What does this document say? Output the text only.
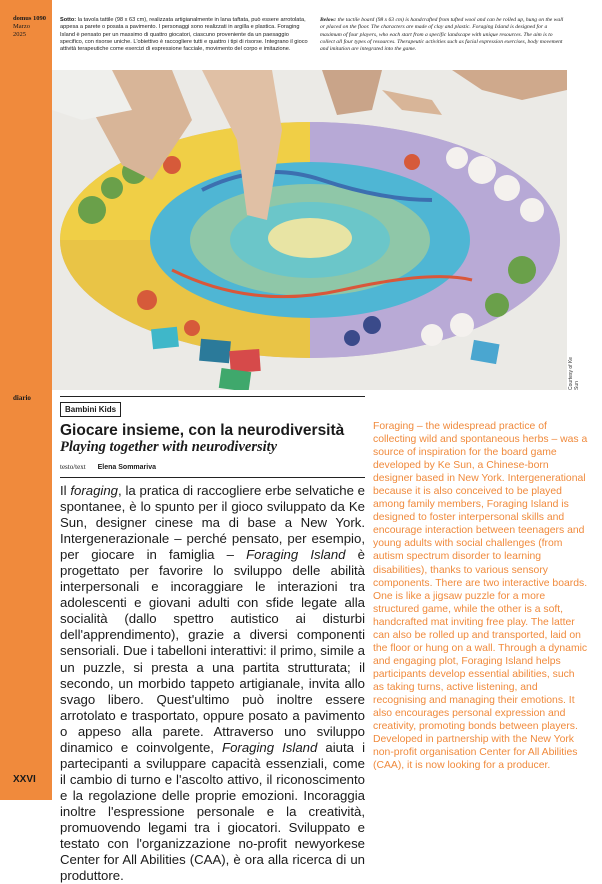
domus 1090
Marzo
2025
Sotto: la tavola tattile (98 x 63 cm), realizzata artigianalmente in lana taftata, può essere arrotolata, appesa a parete o posata a pavimento. I personaggi sono realizzati in argilla e plastica. Foraging Island è pensato per un massimo di quattro giocatori, ciascuno proveniente da un paesaggio specifico, con risorse uniche. L'obiettivo è raccogliere tutti e quattro i tipi di risorse. Integrano il gioco attività terapeutiche come esercizi di espressione facciale, movimento del corpo e imitazione.
Below: the tactile board (98 x 63 cm) is handcrafted from tufted wool and can be rolled up, hung on the wall or placed on the floor. The characters are made of clay and plastic. Foraging Island is designed for a maximum of four players, who each start from a specific landscape with unique resources. The aim is to collect all four types of resources. Therapeutic activities such as facial expression exercises, body movement and imitation are integrated into the game.
Courtesy of Ke Sun
diario
Bambini Kids
Giocare insieme, con la neurodiversità
Playing together with neurodiversity
testo/text Elena Sommariva
Il foraging, la pratica di raccogliere erbe selvatiche e spontanee, è lo spunto per il gioco sviluppato da Ke Sun, designer cinese ma di base a New York. Intergenerazionale – perché pensato, per esempio, per giocare in famiglia – Foraging Island è progettato per favorire lo sviluppo delle abilità interpersonali e incoraggiare le interazioni tra adolescenti e giovani adulti con sfide legate alla socialità (dallo spettro autistico ai disturbi dell'apprendimento), grazie a diversi componenti sensoriali. Due i tabelloni interattivi: il primo, simile a un puzzle, si presta a una partita strutturata; il secondo, un morbido tappeto artigianale, invita allo svago libero. Quest'ultimo può inoltre essere arrotolato e trasportato, oppure posato a pavimento o appeso alla parete. Attraverso uno sviluppo dinamico e coinvolgente, Foraging Island aiuta i partecipanti a sviluppare capacità essenziali, come il cambio di turno e l'ascolto attivo, il riconoscimento e la regolazione delle proprie emozioni. Incoraggia inoltre l'espressione personale e la creatività, promuovendo legami tra i giocatori. Sviluppato e testato con l'organizzazione no-profit newyorkese Center for All Abilities (CAA), è ora alla ricerca di un produttore.
Foraging – the widespread practice of collecting wild and spontaneous herbs – was a source of inspiration for the board game developed by Ke Sun, a Chinese-born designer based in New York. Intergenerational because it is also conceived to be played among family members, Foraging Island is designed to foster interpersonal skills and encourage interaction between teenagers and young adults with social challenges (from autism spectrum disorder to learning disabilities), thanks to various sensory components. There are two interactive boards. One is like a jigsaw puzzle for a more structured game, while the other is a soft, handcrafted mat inviting free play. The latter can also be rolled up and transported, laid on the floor or hung on a wall. Through a dynamic and engaging plot, Foraging Island helps participants develop essential abilities, such as taking turns, active listening, and recognising and managing their emotions. It also encourages personal expression and creativity, promoting bonds between players. Developed in partnership with the New York non-profit organisation Center for All Abilities (CAA), it is now looking for a producer.
XXVI
